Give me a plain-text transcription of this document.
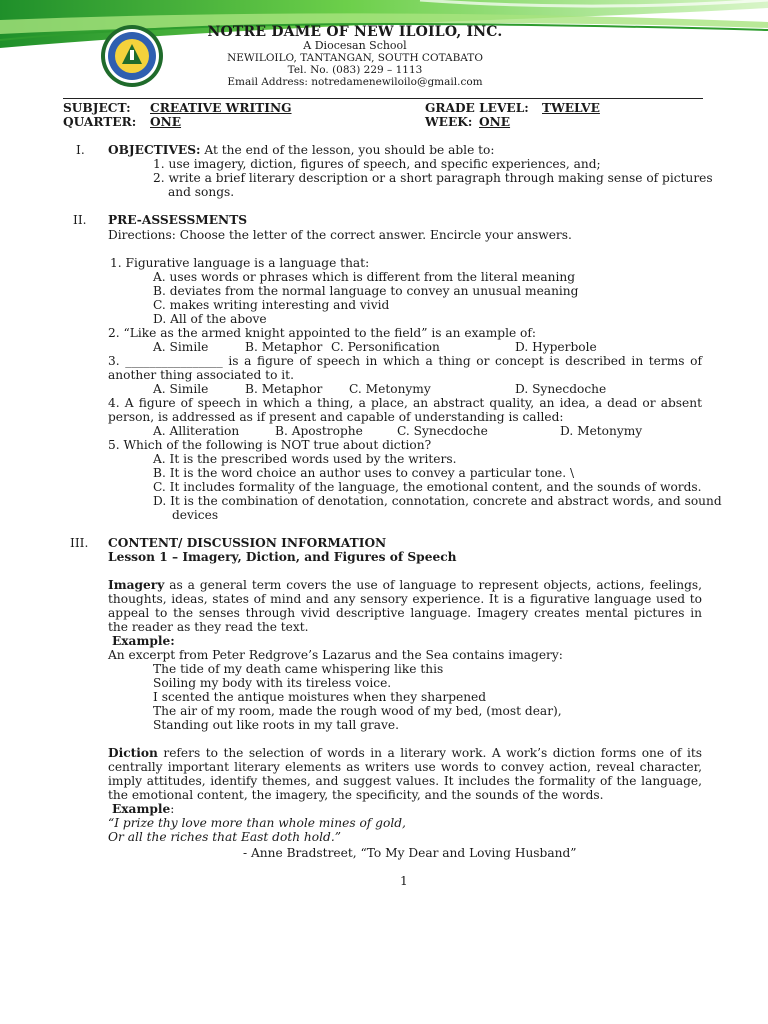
NOTRE DAME OF NEW ILOILO, INC.
A Diocesan School
NEWILOILO, TANTANGAN, SOUTH COTABATO
Tel. No. (083) 229 – 1113
Email Address: notredamenewiloilo@gmail.com
SUBJECT: CREATIVE WRITING	GRADE LEVEL: TWELVE
QUARTER: ONE	WEEK: ONE
I. OBJECTIVES: At the end of the lesson, you should be able to:
1. use imagery, diction, figures of speech, and specific experiences, and;
2. write a brief literary description or a short paragraph through making sense of pictures
and songs.
II. PRE-ASSESSMENTS
Directions: Choose the letter of the correct answer. Encircle your answers.
1. Figurative language is a language that:
A. uses words or phrases which is different from the literal meaning
B. deviates from the normal language to convey an unusual meaning
C. makes writing interesting and vivid
D. All of the above
2. “Like as the armed knight appointed to the field” is an example of:
A. Simile	B. Metaphor C. Personification	D. Hyperbole
3. ________________ is a figure of speech in which a thing or concept is described in terms of another thing associated to it.
A. Simile	B. Metaphor C. Metonymy	D. Synecdoche
4. A figure of speech in which a thing, a place, an abstract quality, an idea, a dead or absent person, is addressed as if present and capable of understanding is called:
A. Alliteration	B. Apostrophe	C. Synecdoche	D. Metonymy
5. Which of the following is NOT true about diction?
A. It is the prescribed words used by the writers.
B. It is the word choice an author uses to convey a particular tone. \
C. It includes formality of the language, the emotional content, and the sounds of words.
D. It is the combination of denotation, connotation, concrete and abstract words, and sound
devices
III. CONTENT/ DISCUSSION INFORMATION
Lesson 1 – Imagery, Diction, and Figures of Speech
Imagery as a general term covers the use of language to represent objects, actions, feelings, thoughts, ideas, states of mind and any sensory experience. It is a figurative language used to appeal to the senses through vivid descriptive language. Imagery creates mental pictures in the reader as they read the text.
Example:
An excerpt from Peter Redgrove’s Lazarus and the Sea contains imagery:
The tide of my death came whispering like this
Soiling my body with its tireless voice.
I scented the antique moistures when they sharpened
The air of my room, made the rough wood of my bed, (most dear),
Standing out like roots in my tall grave.
Diction refers to the selection of words in a literary work. A work’s diction forms one of its centrally important literary elements as writers use words to convey action, reveal character, imply attitudes, identify themes, and suggest values. It includes the formality of the language, the emotional content, the imagery, the specificity, and the sounds of the words.
Example:
“I prize thy love more than whole mines of gold,
Or all the riches that East doth hold.”
- Anne Bradstreet, “To My Dear and Loving Husband”
1
